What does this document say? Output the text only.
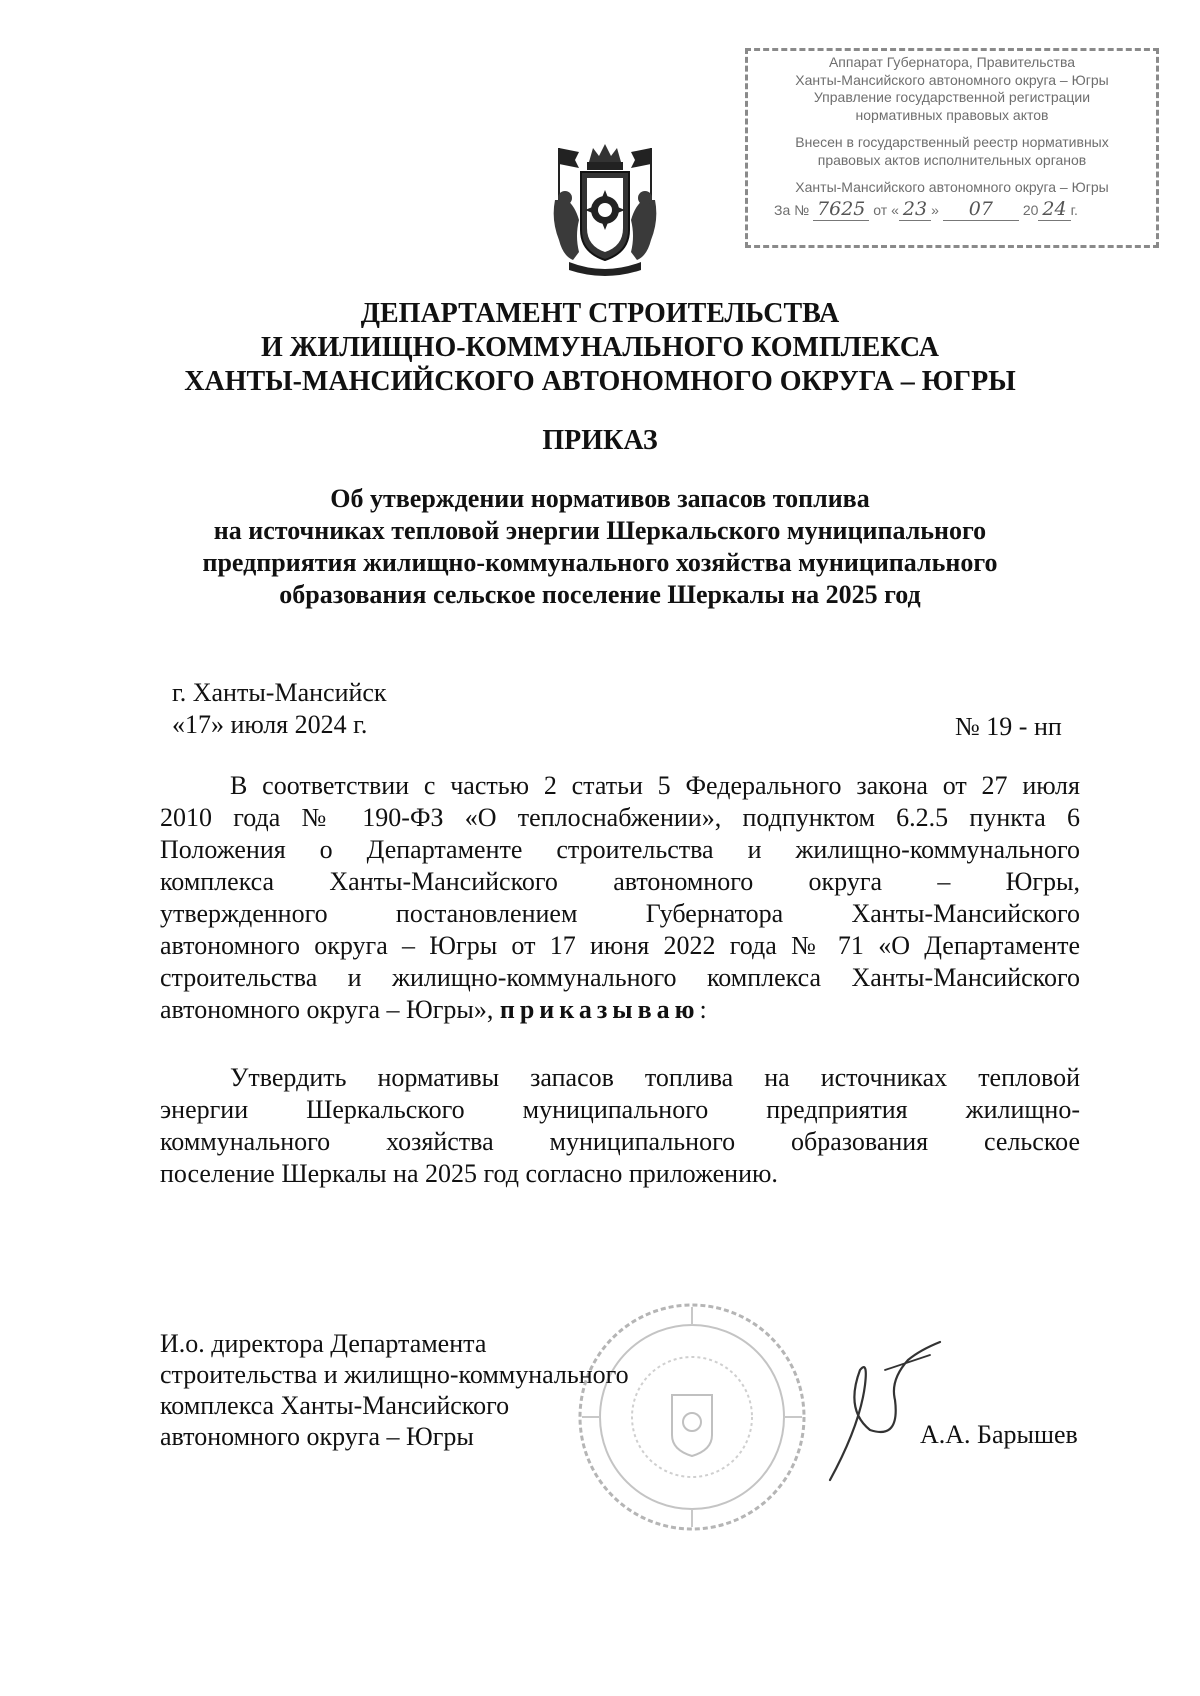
Аппарат Губернатора, Правительства
Ханты-Мансийского автономного округа – Югры
Управление государственной регистрации
нормативных правовых актов
Внесен в государственный реестр нормативных
правовых актов исполнительных органов
Ханты-Мансийского автономного округа – Югры
За № 7625 от « 23 » 07 20 24 г.
ДЕПАРТАМЕНТ СТРОИТЕЛЬСТВА
И ЖИЛИЩНО-КОММУНАЛЬНОГО КОМПЛЕКСА
ХАНТЫ-МАНСИЙСКОГО АВТОНОМНОГО ОКРУГА – ЮГРЫ
ПРИКАЗ
Об утверждении нормативов запасов топлива
на источниках тепловой энергии Шеркальского муниципального
предприятия жилищно-коммунального хозяйства муниципального
образования сельское поселение Шеркалы на 2025 год
г. Ханты-Мансийск
«17» июля 2024 г.	№ 19 - нп
В соответствии с частью 2 статьи 5 Федерального закона от 27 июля
2010 года № 190-ФЗ «О теплоснабжении», подпунктом 6.2.5 пункта 6
Положения о Департаменте строительства и жилищно-коммунального
комплекса Ханты-Мансийского автономного округа – Югры,
утвержденного постановлением Губернатора Ханты-Мансийского
автономного округа – Югры от 17 июня 2022 года № 71 «О Департаменте
строительства и жилищно-коммунального комплекса Ханты-Мансийского
автономного округа – Югры», приказываю:
Утвердить нормативы запасов топлива на источниках тепловой
энергии Шеркальского муниципального предприятия жилищно-
коммунального хозяйства муниципального образования сельское
поселение Шеркалы на 2025 год согласно приложению.
И.о. директора Департамента
строительства и жилищно-коммунального
комплекса Ханты-Мансийского
автономного округа – Югры	А.А. Барышев
